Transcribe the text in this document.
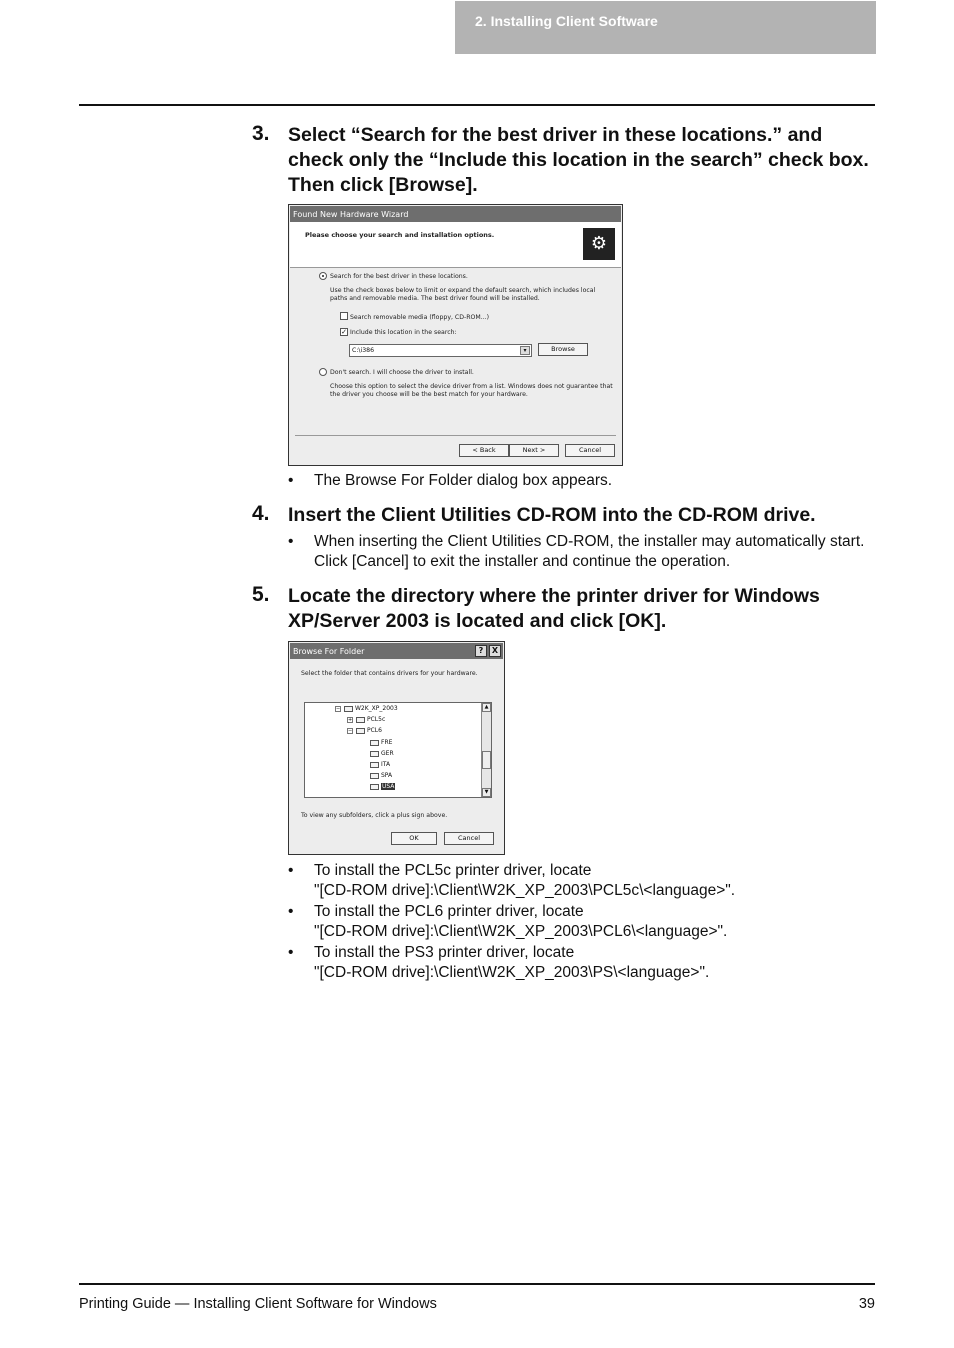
2. Installing Client Software
3. Select “Search for the best driver in these locations.” and check only the “Include this location in the search” check box. Then click [Browse].
Found New Hardware Wizard
Please choose your search and installation options.	⚙
Search for the best driver in these locations.
Use the check boxes below to limit or expand the default search, which includes local paths and removable media. The best driver found will be installed.
Search removable media (floppy, CD-ROM...)
✓ Include this location in the search:
C:\i386	▾	Browse
Don't search. I will choose the driver to install.
Choose this option to select the device driver from a list. Windows does not guarantee that the driver you choose will be the best match for your hardware.
< Back	Next >	Cancel
• The Browse For Folder dialog box appears.
4. Insert the Client Utilities CD-ROM into the CD-ROM drive.
• When inserting the Client Utilities CD-ROM, the installer may automatically start. Click [Cancel] to exit the installer and continue the operation.
5. Locate the directory where the printer driver for Windows XP/Server 2003 is located and click [OK].
Browse For Folder	?	X
Select the folder that contains drivers for your hardware.
− W2K_XP_2003
+ PCL5c
− PCL6
FRE
GER
ITA
SPA
USA
▲
▼
To view any subfolders, click a plus sign above.
OK	Cancel
• To install the PCL5c printer driver, locate
"[CD-ROM drive]:\Client\W2K_XP_2003\PCL5c\<language>".
• To install the PCL6 printer driver, locate
"[CD-ROM drive]:\Client\W2K_XP_2003\PCL6\<language>".
• To install the PS3 printer driver, locate
"[CD-ROM drive]:\Client\W2K_XP_2003\PS\<language>".
Printing Guide — Installing Client Software for Windows	39
